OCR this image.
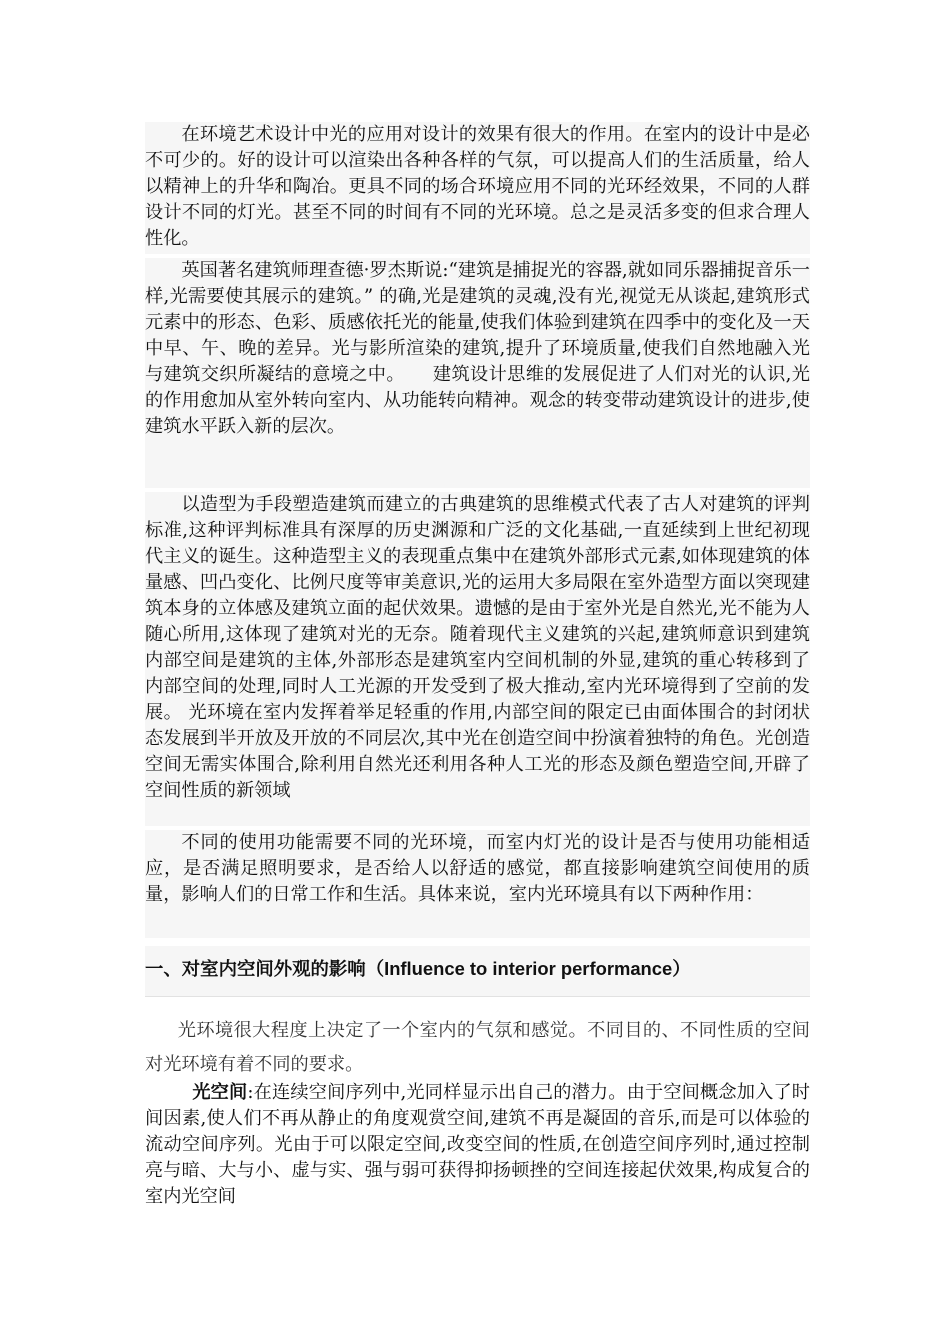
在环境艺术设计中光的应用对设计的效果有很大的作用。在室内的设计中是必不可少的。好的设计可以渲染出各种各样的气氛，可以提高人们的生活质量，给人以精神上的升华和陶冶。更具不同的场合环境应用不同的光环经效果，不同的人群设计不同的灯光。甚至不同的时间有不同的光环境。总之是灵活多变的但求合理人性化。

英国著名建筑师理查德·罗杰斯说:“建筑是捕捉光的容器,就如同乐器捕捉音乐一样,光需要使其展示的建筑。” 的确,光是建筑的灵魂,没有光,视觉无从谈起,建筑形式元素中的形态、色彩、质感依托光的能量,使我们体验到建筑在四季中的变化及一天中早、午、晚的差异。光与影所渲染的建筑,提升了环境质量,使我们自然地融入光与建筑交织所凝结的意境之中。　　建筑设计思维的发展促进了人们对光的认识,光的作用愈加从室外转向室内、从功能转向精神。观念的转变带动建筑设计的进步,使建筑水平跃入新的层次。

以造型为手段塑造建筑而建立的古典建筑的思维模式代表了古人对建筑的评判标准,这种评判标准具有深厚的历史渊源和广泛的文化基础,一直延续到上世纪初现代主义的诞生。这种造型主义的表现重点集中在建筑外部形式元素,如体现建筑的体量感、凹凸变化、比例尺度等审美意识,光的运用大多局限在室外造型方面以突现建筑本身的立体感及建筑立面的起伏效果。遗憾的是由于室外光是自然光,光不能为人随心所用,这体现了建筑对光的无奈。随着现代主义建筑的兴起,建筑师意识到建筑内部空间是建筑的主体,外部形态是建筑室内空间机制的外显,建筑的重心转移到了内部空间的处理,同时人工光源的开发受到了极大推动,室内光环境得到了空前的发展。 光环境在室内发挥着举足轻重的作用,内部空间的限定已由面体围合的封闭状态发展到半开放及开放的不同层次,其中光在创造空间中扮演着独特的角色。光创造空间无需实体围合,除利用自然光还利用各种人工光的形态及颜色塑造空间,开辟了空间性质的新领域

不同的使用功能需要不同的光环境，而室内灯光的设计是否与使用功能相适应，是否满足照明要求，是否给人以舒适的感觉，都直接影响建筑空间使用的质量，影响人们的日常工作和生活。具体来说，室内光环境具有以下两种作用：

一、对室内空间外观的影响（Influence to interior performance）

光环境很大程度上决定了一个室内的气氛和感觉。不同目的、不同性质的空间对光环境有着不同的要求。

光空间:在连续空间序列中,光同样显示出自己的潜力。由于空间概念加入了时间因素,使人们不再从静止的角度观赏空间,建筑不再是凝固的音乐,而是可以体验的流动空间序列。光由于可以限定空间,改变空间的性质,在创造空间序列时,通过控制亮与暗、大与小、虚与实、强与弱可获得抑扬顿挫的空间连接起伏效果,构成复合的室内光空间
